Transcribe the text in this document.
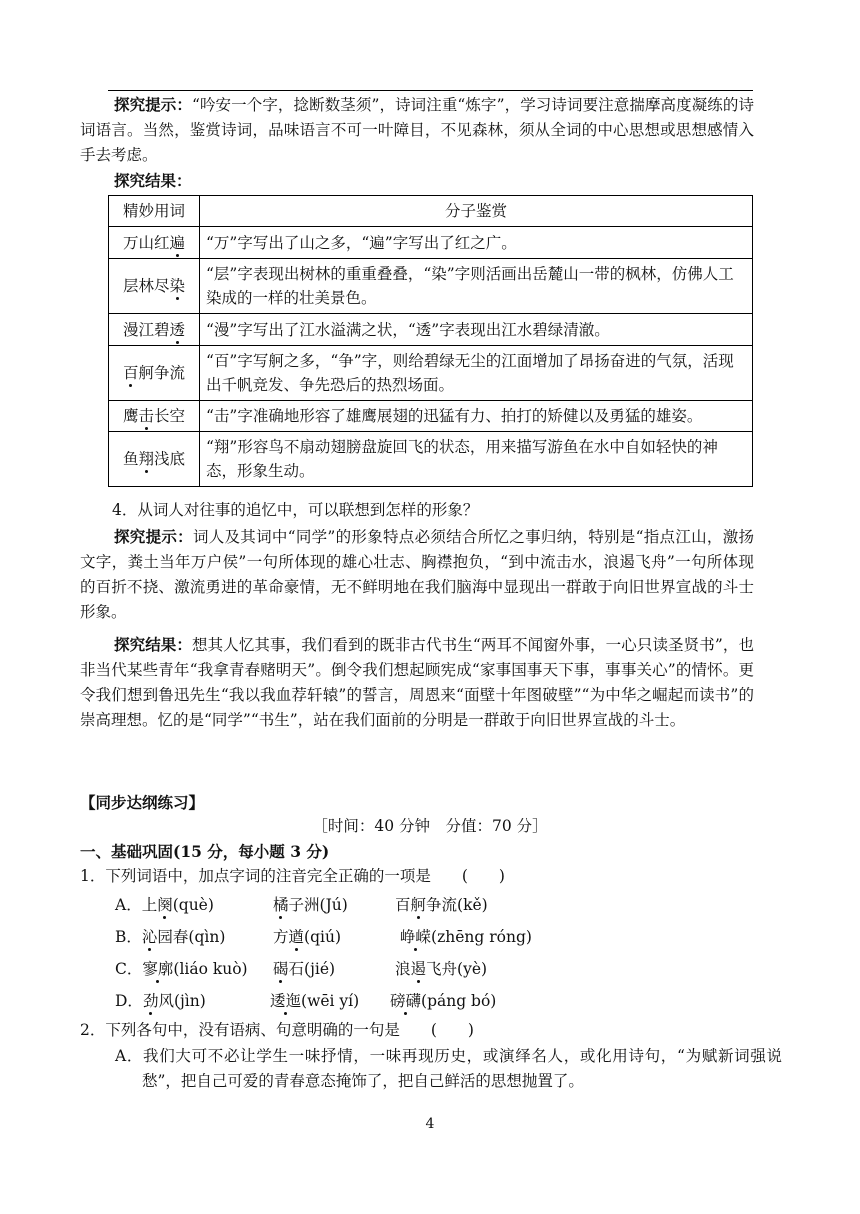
探究提示：“吟安一个字，捻断数茎须”，诗词注重“炼字”，学习诗词要注意揣摩高度凝练的诗词语言。当然，鉴赏诗词，品味语言不可一叶障目，不见森林，须从全词的中心思想或思想感情入手去考虑。

探究结果：

精妙用词	分子鉴赏
万山红遍	“万”字写出了山之多，“遍”字写出了红之广。
层林尽染	“层”字表现出树林的重重叠叠，“染”字则活画出岳麓山一带的枫林，仿佛人工染成的一样的壮美景色。
漫江碧透	“漫”字写出了江水溢满之状，“透”字表现出江水碧绿清澈。
百舸争流	“百”字写舸之多，“争”字，则给碧绿无尘的江面增加了昂扬奋进的气氛，活现出千帆竞发、争先恐后的热烈场面。
鹰击长空	“击”字准确地形容了雄鹰展翅的迅猛有力、拍打的矫健以及勇猛的雄姿。
鱼翔浅底	“翔”形容鸟不扇动翅膀盘旋回飞的状态，用来描写游鱼在水中自如轻快的神态，形象生动。

4．从词人对往事的追忆中，可以联想到怎样的形象？

探究提示：词人及其词中“同学”的形象特点必须结合所忆之事归纳，特别是“指点江山，激扬文字，粪土当年万户侯”一句所体现的雄心壮志、胸襟抱负，“到中流击水，浪遏飞舟”一句所体现的百折不挠、激流勇进的革命豪情，无不鲜明地在我们脑海中显现出一群敢于向旧世界宣战的斗士形象。

探究结果：想其人忆其事，我们看到的既非古代书生“两耳不闻窗外事，一心只读圣贤书”，也非当代某些青年“我拿青春赌明天”。倒令我们想起顾宪成“家事国事天下事，事事关心”的情怀。更令我们想到鲁迅先生“我以我血荐轩辕”的誓言，周恩来“面壁十年图破壁”“为中华之崛起而读书”的崇高理想。忆的是“同学”“书生”，站在我们面前的分明是一群敢于向旧世界宣战的斗士。

【同步达纲练习】
［时间：40 分钟　分值：70 分］
一、基础巩固(15 分，每小题 3 分)
1．下列词语中，加点字词的注音完全正确的一项是　　(　　)
A．上阕(què)	橘子洲(Jú)	百舸争流(kě)
B．沁园春(qìn)	方遒(qiú)	峥嵘(zhēng róng)
C．寥廓(liáo kuò) 碣石(jié)	浪遏飞舟(yè)
D．劲风(jìn)	逶迤(wēi yí) 磅礴(páng bó)
2．下列各句中，没有语病、句意明确的一句是　　(　　)

A．我们大可不必让学生一味抒情，一味再现历史，或演绎名人，或化用诗句，“为赋新词强说愁”，把自己可爱的青春意态掩饰了，把自己鲜活的思想抛置了。

4
